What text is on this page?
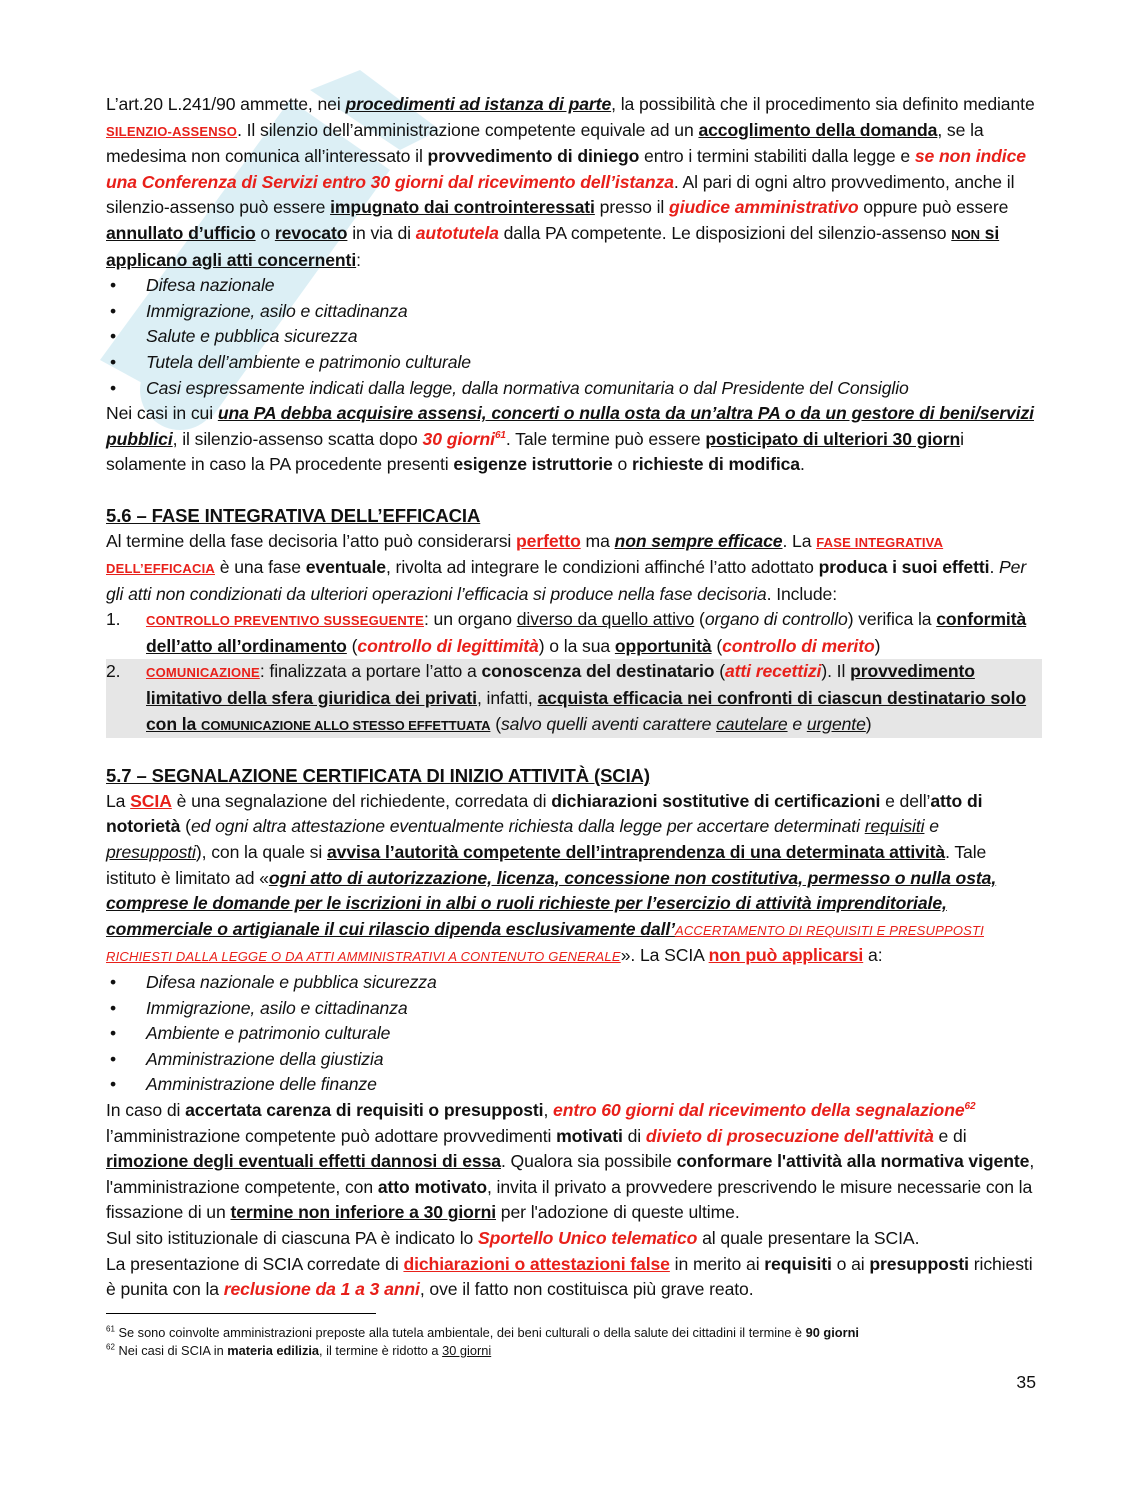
L’art.20 L.241/90 ammette, nei procedimenti ad istanza di parte, la possibilità che il procedimento sia definito mediante SILENZIO-ASSENSO. Il silenzio dell’amministrazione competente equivale ad un accoglimento della domanda, se la medesima non comunica all’interessato il provvedimento di diniego entro i termini stabiliti dalla legge e se non indice una Conferenza di Servizi entro 30 giorni dal ricevimento dell’istanza. Al pari di ogni altro provvedimento, anche il silenzio-assenso può essere impugnato dai controinteressati presso il giudice amministrativo oppure può essere annullato d’ufficio o revocato in via di autotutela dalla PA competente. Le disposizioni del silenzio-assenso NON si applicano agli atti concernenti:

• Difesa nazionale
• Immigrazione, asilo e cittadinanza
• Salute e pubblica sicurezza
• Tutela dell’ambiente e patrimonio culturale
• Casi espressamente indicati dalla legge, dalla normativa comunitaria o dal Presidente del Consiglio

Nei casi in cui una PA debba acquisire assensi, concerti o nulla osta da un’altra PA o da un gestore di beni/servizi pubblici, il silenzio-assenso scatta dopo 30 giorni$^{61}$. Tale termine può essere posticipato di ulteriori 30 giorni solamente in caso la PA procedente presenti esigenze istruttorie o richieste di modifica.

5.6 – FASE INTEGRATIVA DELL’EFFICACIA

Al termine della fase decisoria l’atto può considerarsi perfetto ma non sempre efficace. La FASE INTEGRATIVA DELL’EFFICACIA è una fase eventuale, rivolta ad integrare le condizioni affinché l’atto adottato produca i suoi effetti. Per gli atti non condizionati da ulteriori operazioni l’efficacia si produce nella fase decisoria. Include:

1. CONTROLLO PREVENTIVO SUSSEGUENTE: un organo diverso da quello attivo (organo di controllo) verifica la conformità dell’atto all’ordinamento (controllo di legittimità) o la sua opportunità (controllo di merito)
2. COMUNICAZIONE: finalizzata a portare l’atto a conoscenza del destinatario (atti recettizi). Il provvedimento limitativo della sfera giuridica dei privati, infatti, acquista efficacia nei confronti di ciascun destinatario solo con la COMUNICAZIONE ALLO STESSO EFFETTUATA (salvo quelli aventi carattere cautelare e urgente)
5.7 – SEGNALAZIONE CERTIFICATA DI INIZIO ATTIVITÀ (SCIA)

La SCIA è una segnalazione del richiedente, corredata di dichiarazioni sostitutive di certificazioni e dell’atto di notorietà (ed ogni altra attestazione eventualmente richiesta dalla legge per accertare determinati requisiti e presupposti), con la quale si avvisa l’autorità competente dell’intraprendenza di una determinata attività. Tale istituto è limitato ad «ogni atto di autorizzazione, licenza, concessione non costitutiva, permesso o nulla osta, comprese le domande per le iscrizioni in albi o ruoli richieste per l’esercizio di attività imprenditoriale, commerciale o artigianale il cui rilascio dipenda esclusivamente dall’ACCERTAMENTO DI REQUISITI E PRESUPPOSTI RICHIESTI DALLA LEGGE O DA ATTI AMMINISTRATIVI A CONTENUTO GENERALE». La SCIA non può applicarsi a:

• Difesa nazionale e pubblica sicurezza
• Immigrazione, asilo e cittadinanza
• Ambiente e patrimonio culturale
• Amministrazione della giustizia
• Amministrazione delle finanze

In caso di accertata carenza di requisiti o presupposti, entro 60 giorni dal ricevimento della segnalazione$^{62}$ l’amministrazione competente può adottare provvedimenti motivati di divieto di prosecuzione dell'attività e di rimozione degli eventuali effetti dannosi di essa. Qualora sia possibile conformare l'attività alla normativa vigente, l'amministrazione competente, con atto motivato, invita il privato a provvedere prescrivendo le misure necessarie con la fissazione di un termine non inferiore a 30 giorni per l'adozione di queste ultime.

Sul sito istituzionale di ciascuna PA è indicato lo Sportello Unico telematico al quale presentare la SCIA.

La presentazione di SCIA corredate di dichiarazioni o attestazioni false in merito ai requisiti o ai presupposti richiesti è punita con la reclusione da 1 a 3 anni, ove il fatto non costituisca più grave reato.

$^{61}$ Se sono coinvolte amministrazioni preposte alla tutela ambientale, dei beni culturali o della salute dei cittadini il termine è 90 giorni

$^{62}$ Nei casi di SCIA in materia edilizia, il termine è ridotto a 30 giorni

35
